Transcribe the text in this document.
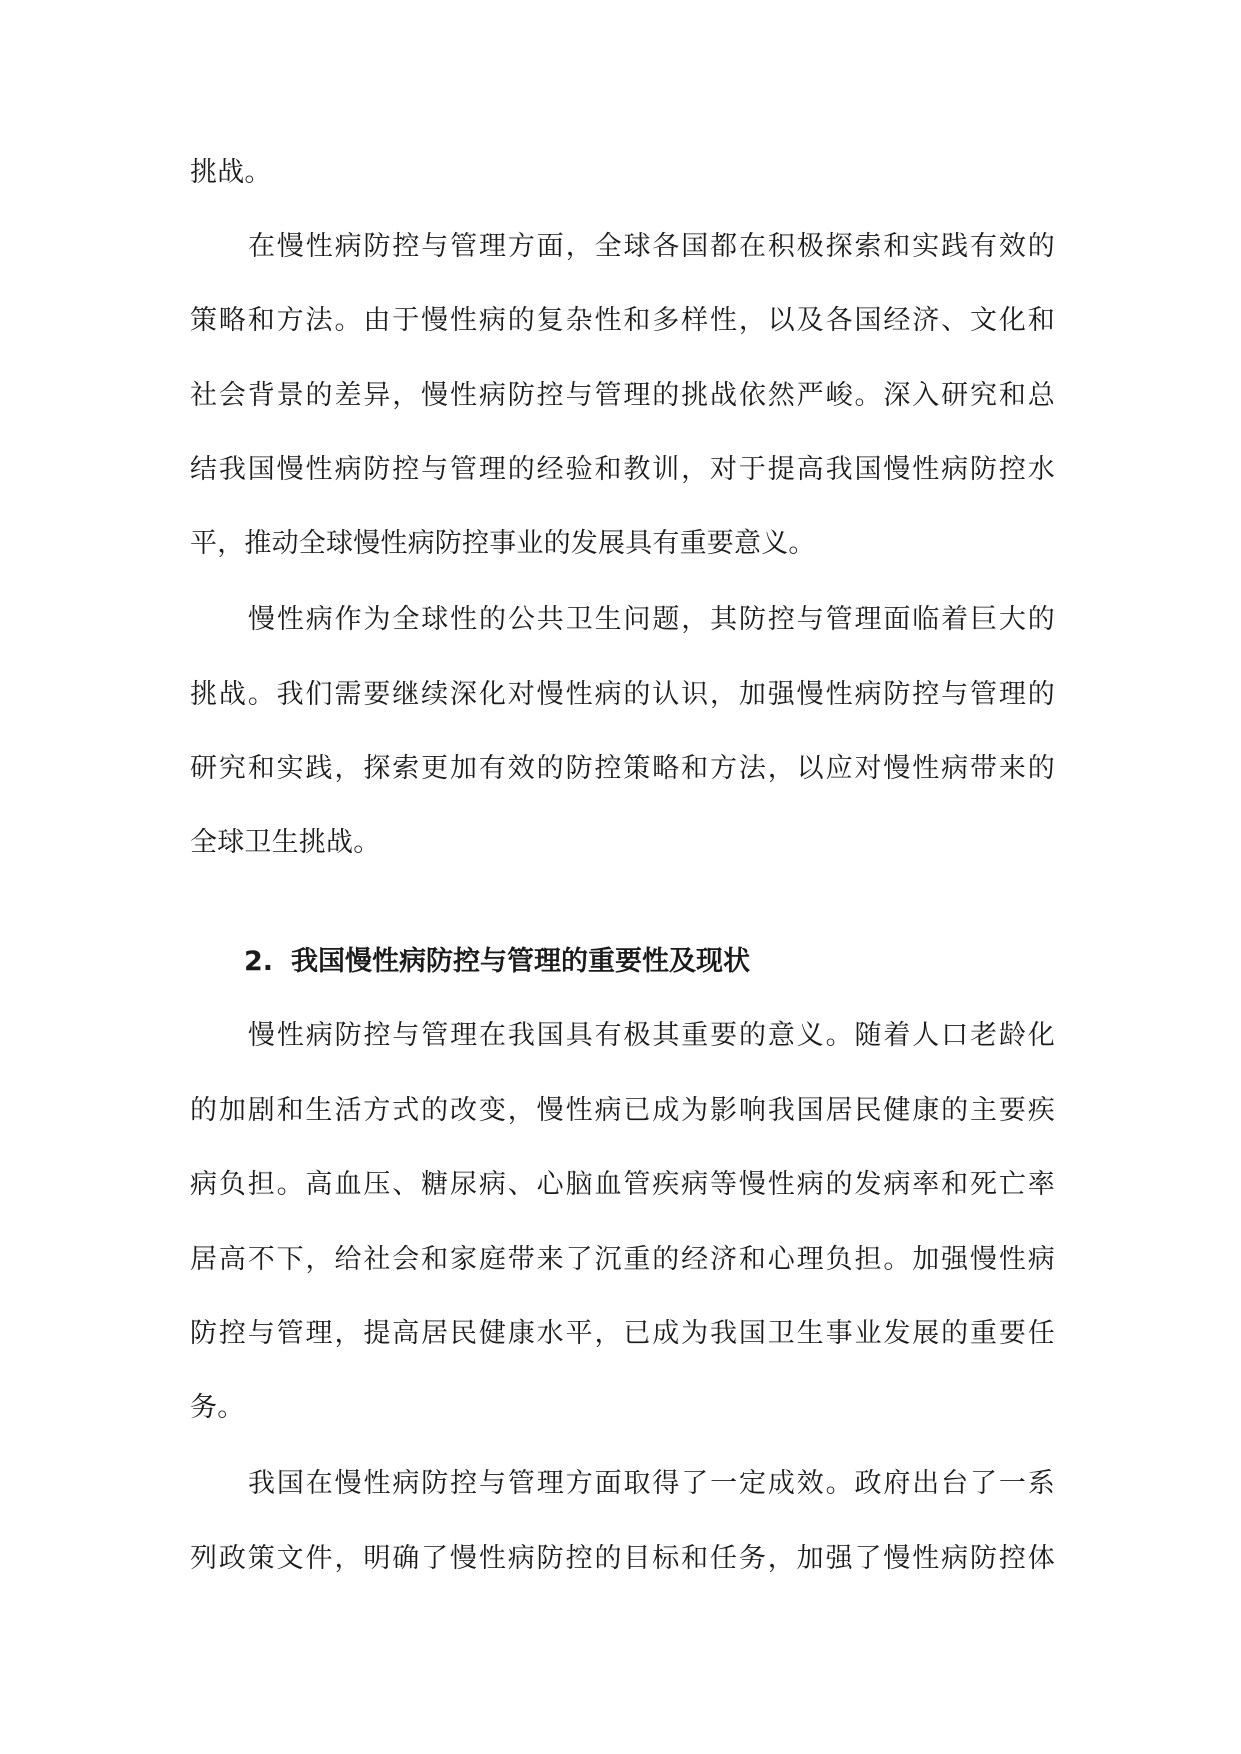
挑战。
在慢性病防控与管理方面，全球各国都在积极探索和实践有效的
策略和方法。由于慢性病的复杂性和多样性，以及各国经济、文化和
社会背景的差异，慢性病防控与管理的挑战依然严峻。深入研究和总
结我国慢性病防控与管理的经验和教训，对于提高我国慢性病防控水
平，推动全球慢性病防控事业的发展具有重要意义。
慢性病作为全球性的公共卫生问题，其防控与管理面临着巨大的
挑战。我们需要继续深化对慢性病的认识，加强慢性病防控与管理的
研究和实践，探索更加有效的防控策略和方法，以应对慢性病带来的
全球卫生挑战。
2. 我国慢性病防控与管理的重要性及现状
慢性病防控与管理在我国具有极其重要的意义。随着人口老龄化
的加剧和生活方式的改变，慢性病已成为影响我国居民健康的主要疾
病负担。高血压、糖尿病、心脑血管疾病等慢性病的发病率和死亡率
居高不下，给社会和家庭带来了沉重的经济和心理负担。加强慢性病
防控与管理，提高居民健康水平，已成为我国卫生事业发展的重要任
务。
我国在慢性病防控与管理方面取得了一定成效。政府出台了一系
列政策文件，明确了慢性病防控的目标和任务，加强了慢性病防控体
